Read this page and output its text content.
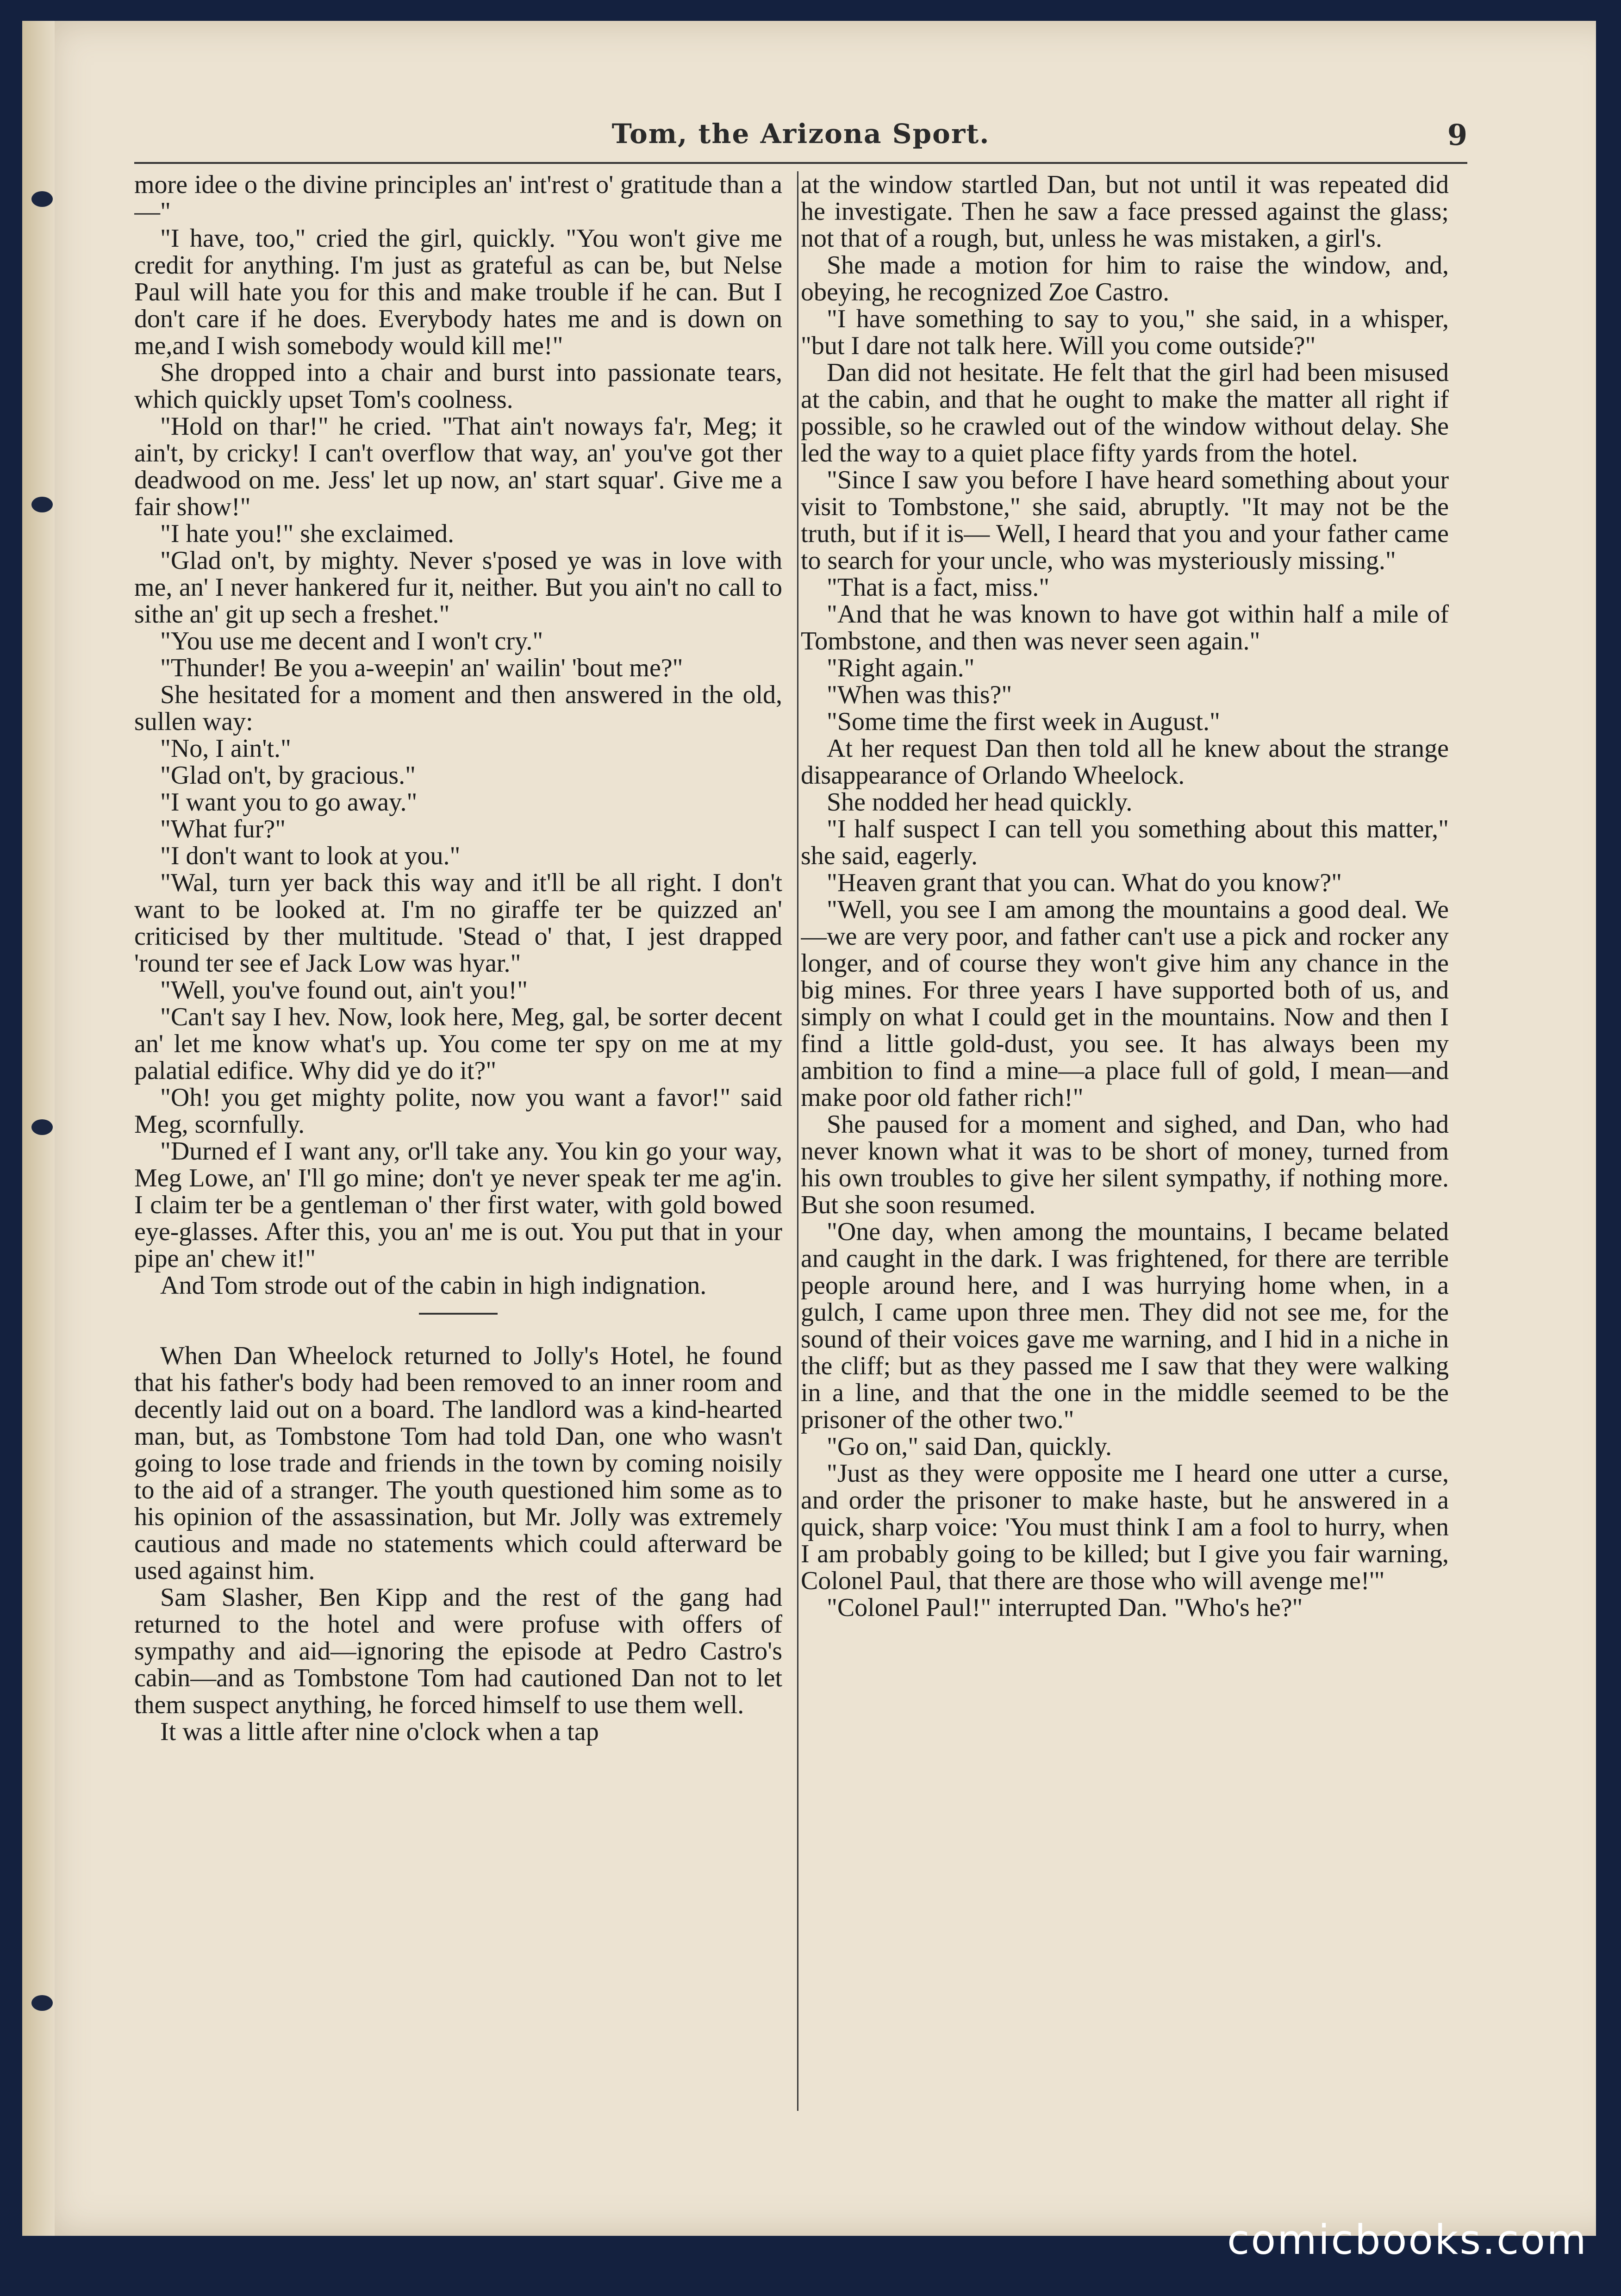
Tom, the Arizona Sport.	9

more idee o the divine principles an' int'rest o' gratitude than a—"

"I have, too," cried the girl, quickly. "You won't give me credit for anything. I'm just as grateful as can be, but Nelse Paul will hate you for this and make trouble if he can. But I don't care if he does. Everybody hates me and is down on me,and I wish somebody would kill me!"

She dropped into a chair and burst into passionate tears, which quickly upset Tom's coolness.

"Hold on thar!" he cried. "That ain't noways fa'r, Meg; it ain't, by cricky! I can't overflow that way, an' you've got ther deadwood on me. Jess' let up now, an' start squar'. Give me a fair show!"

"I hate you!" she exclaimed.

"Glad on't, by mighty. Never s'posed ye was in love with me, an' I never hankered fur it, neither. But you ain't no call to sithe an' git up sech a freshet."

"You use me decent and I won't cry."

"Thunder! Be you a-weepin' an' wailin' 'bout me?"

She hesitated for a moment and then answered in the old, sullen way:

"No, I ain't."

"Glad on't, by gracious."

"I want you to go away."

"What fur?"

"I don't want to look at you."

"Wal, turn yer back this way and it'll be all right. I don't want to be looked at. I'm no giraffe ter be quizzed an' criticised by ther multitude. 'Stead o' that, I jest drapped 'round ter see ef Jack Low was hyar."

"Well, you've found out, ain't you!"

"Can't say I hev. Now, look here, Meg, gal, be sorter decent an' let me know what's up. You come ter spy on me at my palatial edifice. Why did ye do it?"

"Oh! you get mighty polite, now you want a favor!" said Meg, scornfully.

"Durned ef I want any, or'll take any. You kin go your way, Meg Lowe, an' I'll go mine; don't ye never speak ter me ag'in. I claim ter be a gentleman o' ther first water, with gold bowed eye-glasses. After this, you an' me is out. You put that in your pipe an' chew it!"

And Tom strode out of the cabin in high indignation.

When Dan Wheelock returned to Jolly's Hotel, he found that his father's body had been removed to an inner room and decently laid out on a board. The landlord was a kind-hearted man, but, as Tombstone Tom had told Dan, one who wasn't going to lose trade and friends in the town by coming noisily to the aid of a stranger. The youth questioned him some as to his opinion of the assassination, but Mr. Jolly was extremely cautious and made no statements which could afterward be used against him.

Sam Slasher, Ben Kipp and the rest of the gang had returned to the hotel and were profuse with offers of sympathy and aid—ignoring the episode at Pedro Castro's cabin—and as Tombstone Tom had cautioned Dan not to let them suspect anything, he forced himself to use them well.

It was a little after nine o'clock when a tap

at the window startled Dan, but not until it was repeated did he investigate. Then he saw a face pressed against the glass; not that of a rough, but, unless he was mistaken, a girl's.

She made a motion for him to raise the window, and, obeying, he recognized Zoe Castro.

"I have something to say to you," she said, in a whisper, "but I dare not talk here. Will you come outside?"

Dan did not hesitate. He felt that the girl had been misused at the cabin, and that he ought to make the matter all right if possible, so he crawled out of the window without delay. She led the way to a quiet place fifty yards from the hotel.

"Since I saw you before I have heard something about your visit to Tombstone," she said, abruptly. "It may not be the truth, but if it is— Well, I heard that you and your father came to search for your uncle, who was mysteriously missing."

"That is a fact, miss."

"And that he was known to have got within half a mile of Tombstone, and then was never seen again."

"Right again."

"When was this?"

"Some time the first week in August."

At her request Dan then told all he knew about the strange disappearance of Orlando Wheelock.

She nodded her head quickly.

"I half suspect I can tell you something about this matter," she said, eagerly.

"Heaven grant that you can. What do you know?"

"Well, you see I am among the mountains a good deal. We—we are very poor, and father can't use a pick and rocker any longer, and of course they won't give him any chance in the big mines. For three years I have supported both of us, and simply on what I could get in the mountains. Now and then I find a little gold-dust, you see. It has always been my ambition to find a mine—a place full of gold, I mean—and make poor old father rich!"

She paused for a moment and sighed, and Dan, who had never known what it was to be short of money, turned from his own troubles to give her silent sympathy, if nothing more. But she soon resumed.

"One day, when among the mountains, I became belated and caught in the dark. I was frightened, for there are terrible people around here, and I was hurrying home when, in a gulch, I came upon three men. They did not see me, for the sound of their voices gave me warning, and I hid in a niche in the cliff; but as they passed me I saw that they were walking in a line, and that the one in the middle seemed to be the prisoner of the other two."

"Go on," said Dan, quickly.

"Just as they were opposite me I heard one utter a curse, and order the prisoner to make haste, but he answered in a quick, sharp voice: 'You must think I am a fool to hurry, when I am probably going to be killed; but I give you fair warning, Colonel Paul, that there are those who will avenge me!'"

"Colonel Paul!" interrupted Dan. "Who's he?"

comicbooks.com
